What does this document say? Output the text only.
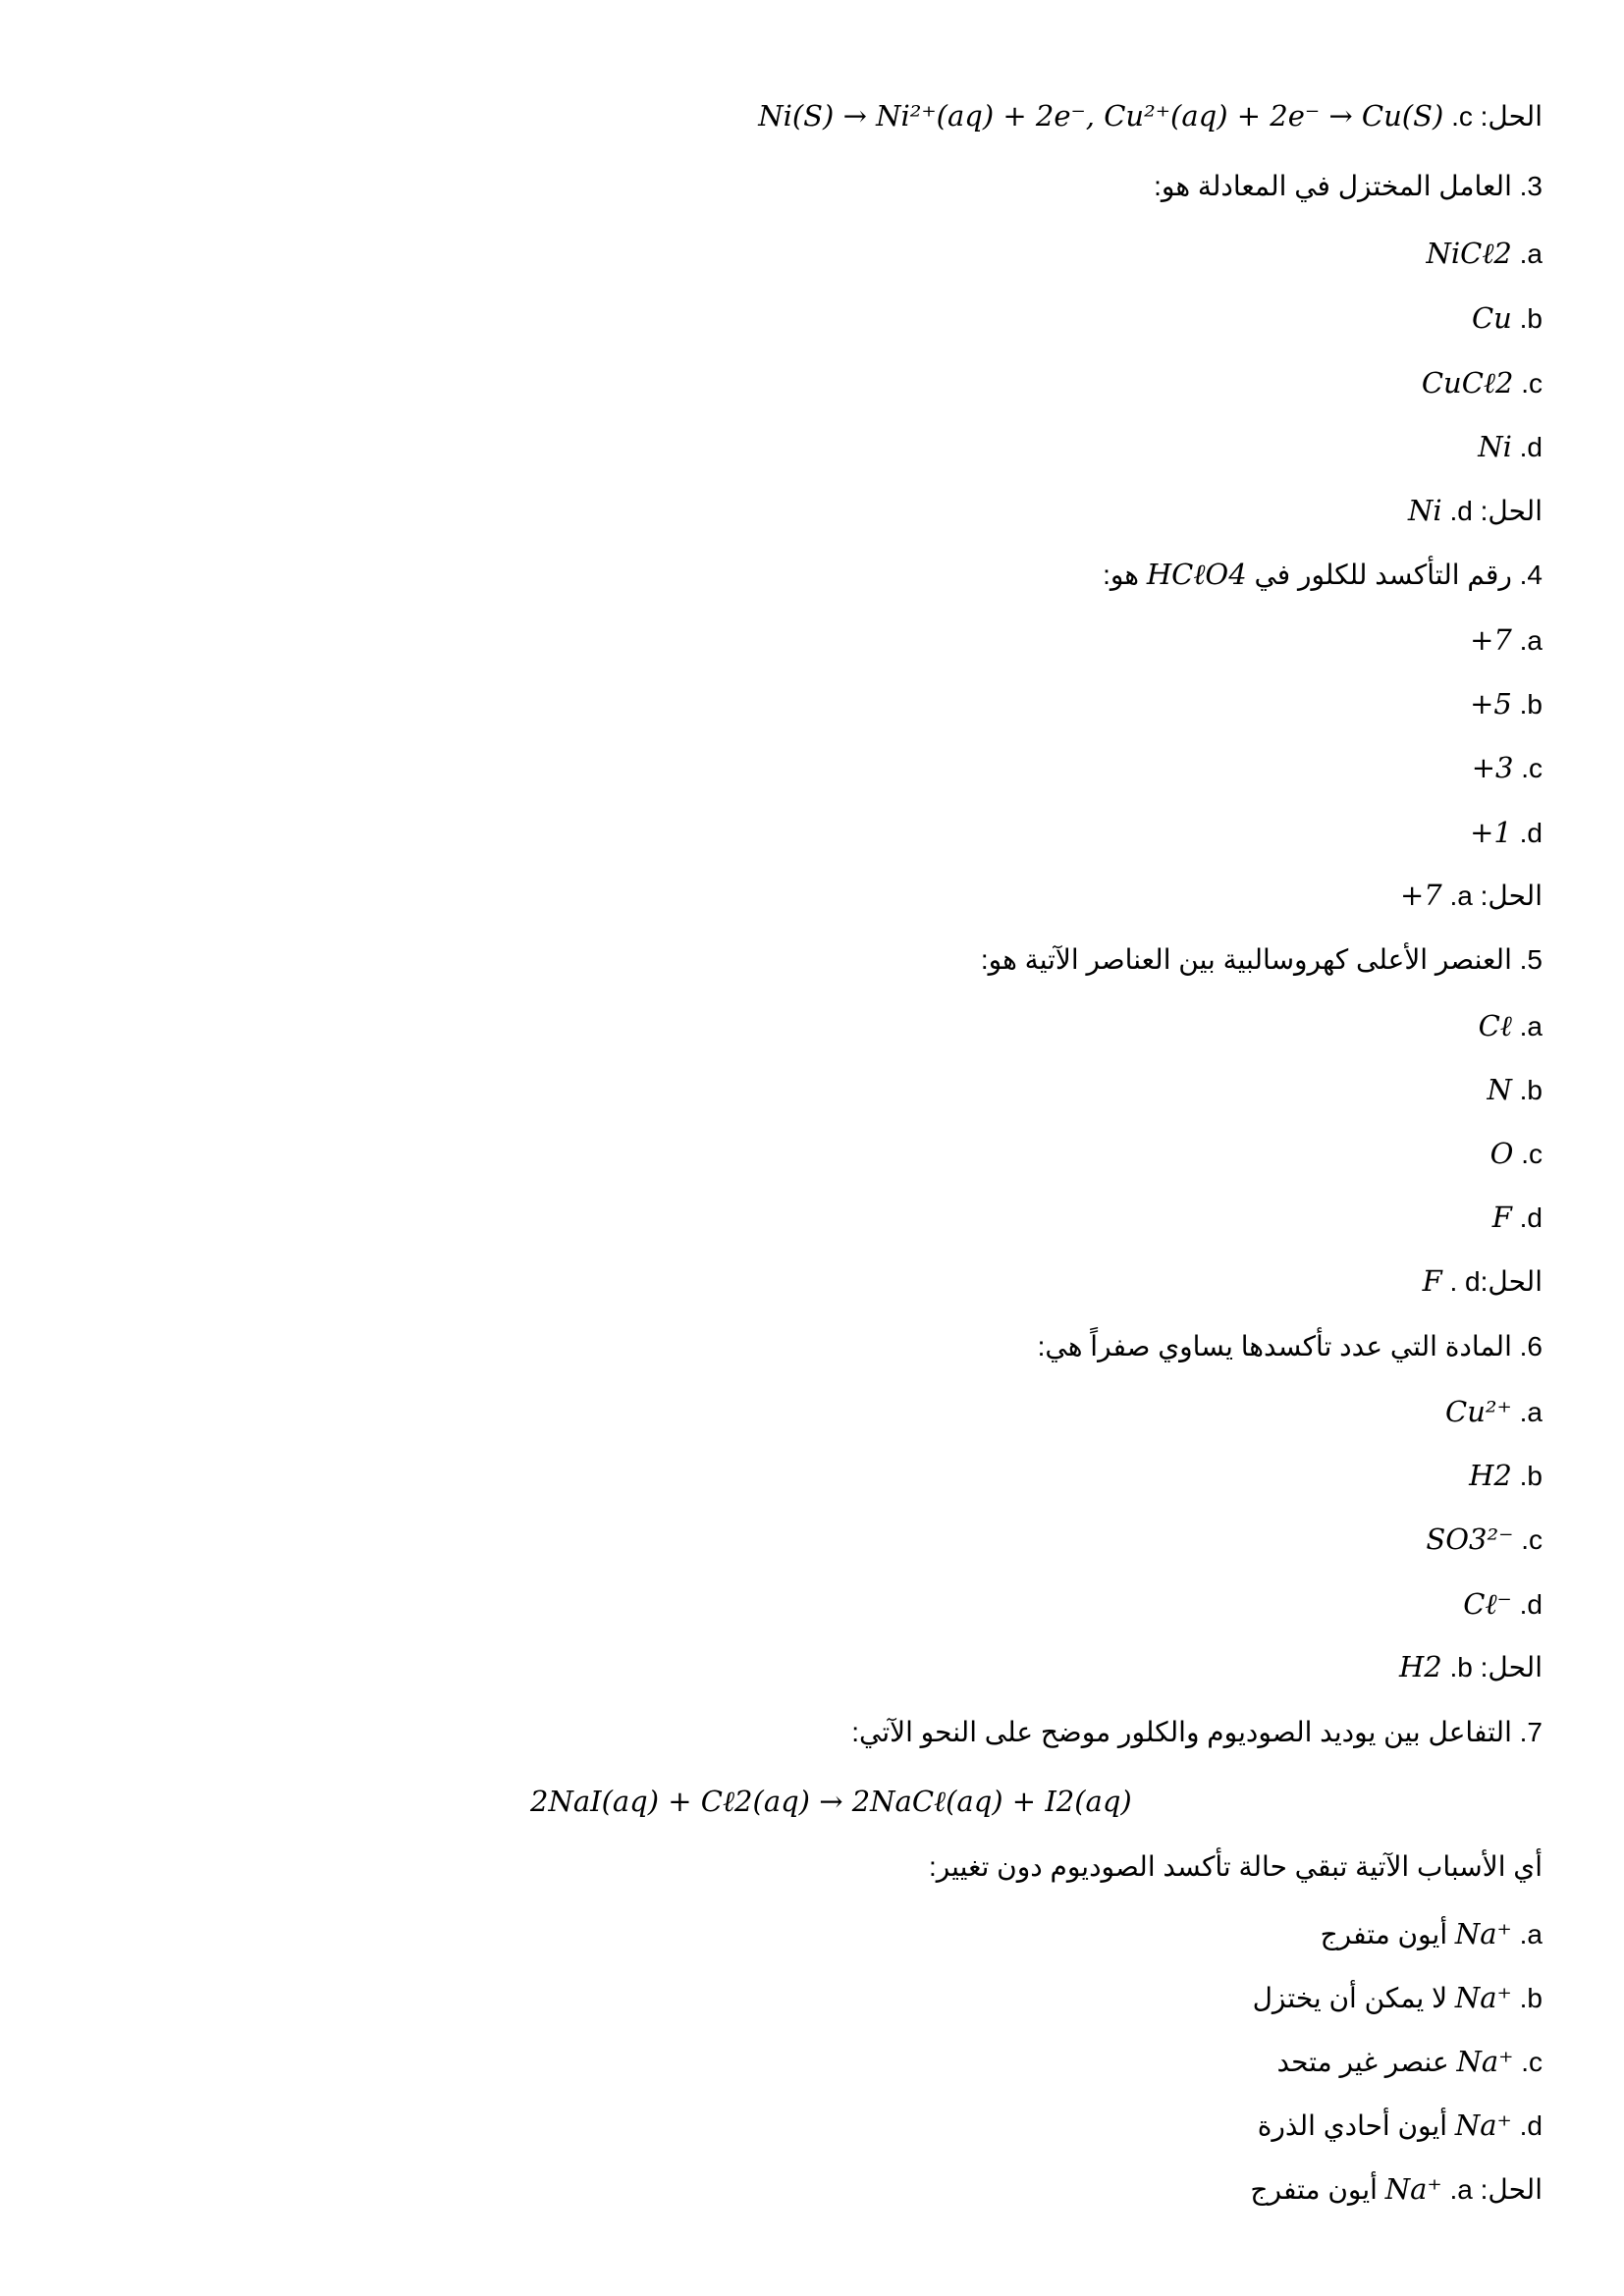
الحل: c. Ni(S) → Ni²⁺(aq) + 2e⁻, Cu²⁺(aq) + 2e⁻ → Cu(S)
3. العامل المختزل في المعادلة هو:
a. NiCℓ2
b. Cu
c. CuCℓ2
d. Ni
الحل: d. Ni
4. رقم التأكسد للكلور في HCℓO4 هو:
a. +7
b. +5
c. +3
d. +1
الحل: a. +7
5. العنصر الأعلى كهروسالبية بين العناصر الآتية هو:
a. Cℓ
b. N
c. O
d. F
الحل:d . F
6. المادة التي عدد تأكسدها يساوي صفراً هي:
a. Cu²⁺
b. H2
c. SO3²⁻
d. Cℓ⁻
الحل: b. H2
7. التفاعل بين يوديد الصوديوم والكلور موضح على النحو الآتي:
2NaI(aq) + Cℓ2(aq) → 2NaCℓ(aq) + I2(aq)
أي الأسباب الآتية تبقي حالة تأكسد الصوديوم دون تغيير:
a. Na⁺ أيون متفرج
b. Na⁺ لا يمكن أن يختزل
c. Na⁺ عنصر غير متحد
d. Na⁺ أيون أحادي الذرة
الحل: a. Na⁺ أيون متفرج
